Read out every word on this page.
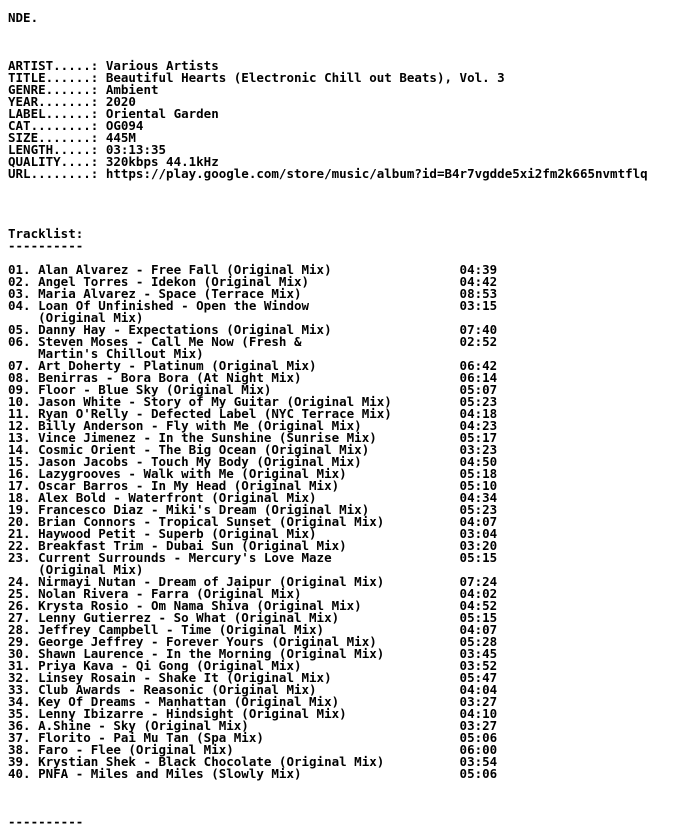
NDE.
ARTIST.....: Various Artists
TITLE......: Beautiful Hearts (Electronic Chill out Beats), Vol. 3
GENRE......: Ambient
YEAR.......: 2020
LABEL......: Oriental Garden
CAT........: OG094
SIZE.......: 445M
LENGTH.....: 03:13:35
QUALITY....: 320kbps 44.1kHz
URL........: https://play.google.com/store/music/album?id=B4r7vgdde5xi2fm2k665nvmtflq
Tracklist:
----------
01. Alan Alvarez - Free Fall (Original Mix)                 04:39
02. Angel Torres - Idekon (Original Mix)                    04:42
03. Maria Alvarez - Space (Terrace Mix)                     08:53
04. Loan Of Unfinished - Open the Window                    03:15
(Original Mix)
05. Danny Hay - Expectations (Original Mix)                 07:40
06. Steven Moses - Call Me Now (Fresh &                     02:52
Martin's Chillout Mix)
07. Art Doherty - Platinum (Original Mix)                   06:42
08. Benirras - Bora Bora (At Night Mix)                     06:14
09. Floor - Blue Sky (Original Mix)                         05:07
10. Jason White - Story of My Guitar (Original Mix)         05:23
11. Ryan O'Relly - Defected Label (NYC Terrace Mix)         04:18
12. Billy Anderson - Fly with Me (Original Mix)             04:23
13. Vince Jimenez - In the Sunshine (Sunrise Mix)           05:17
14. Cosmic Orient - The Big Ocean (Original Mix)            03:23
15. Jason Jacobs - Touch My Body (Original Mix)             04:50
16. Lazygrooves - Walk with Me (Original Mix)               05:18
17. Oscar Barros - In My Head (Original Mix)                05:10
18. Alex Bold - Waterfront (Original Mix)                   04:34
19. Francesco Diaz - Miki's Dream (Original Mix)            05:23
20. Brian Connors - Tropical Sunset (Original Mix)          04:07
21. Haywood Petit - Superb (Original Mix)                   03:04
22. Breakfast Trim - Dubai Sun (Original Mix)               03:20
23. Current Surrounds - Mercury's Love Maze                 05:15
(Original Mix)
24. Nirmayi Nutan - Dream of Jaipur (Original Mix)          07:24
25. Nolan Rivera - Farra (Original Mix)                     04:02
26. Krysta Rosio - Om Nama Shiva (Original Mix)             04:52
27. Lenny Gutierrez - So What (Original Mix)                05:15
28. Jeffrey Campbell - Time (Original Mix)                  04:07
29. George Jeffrey - Forever Yours (Original Mix)           05:28
30. Shawn Laurence - In the Morning (Original Mix)          03:45
31. Priya Kava - Qi Gong (Original Mix)                     03:52
32. Linsey Rosain - Shake It (Original Mix)                 05:47
33. Club Awards - Reasonic (Original Mix)                   04:04
34. Key Of Dreams - Manhattan (Original Mix)                03:27
35. Lenny Ibizarre - Hindsight (Original Mix)               04:10
36. A.Shine - Sky (Original Mix)                            03:27
37. Florito - Pai Mu Tan (Spa Mix)                          05:06
38. Faro - Flee (Original Mix)                              06:00
39. Krystian Shek - Black Chocolate (Original Mix)          03:54
40. PNFA - Miles and Miles (Slowly Mix)                     05:06
----------
